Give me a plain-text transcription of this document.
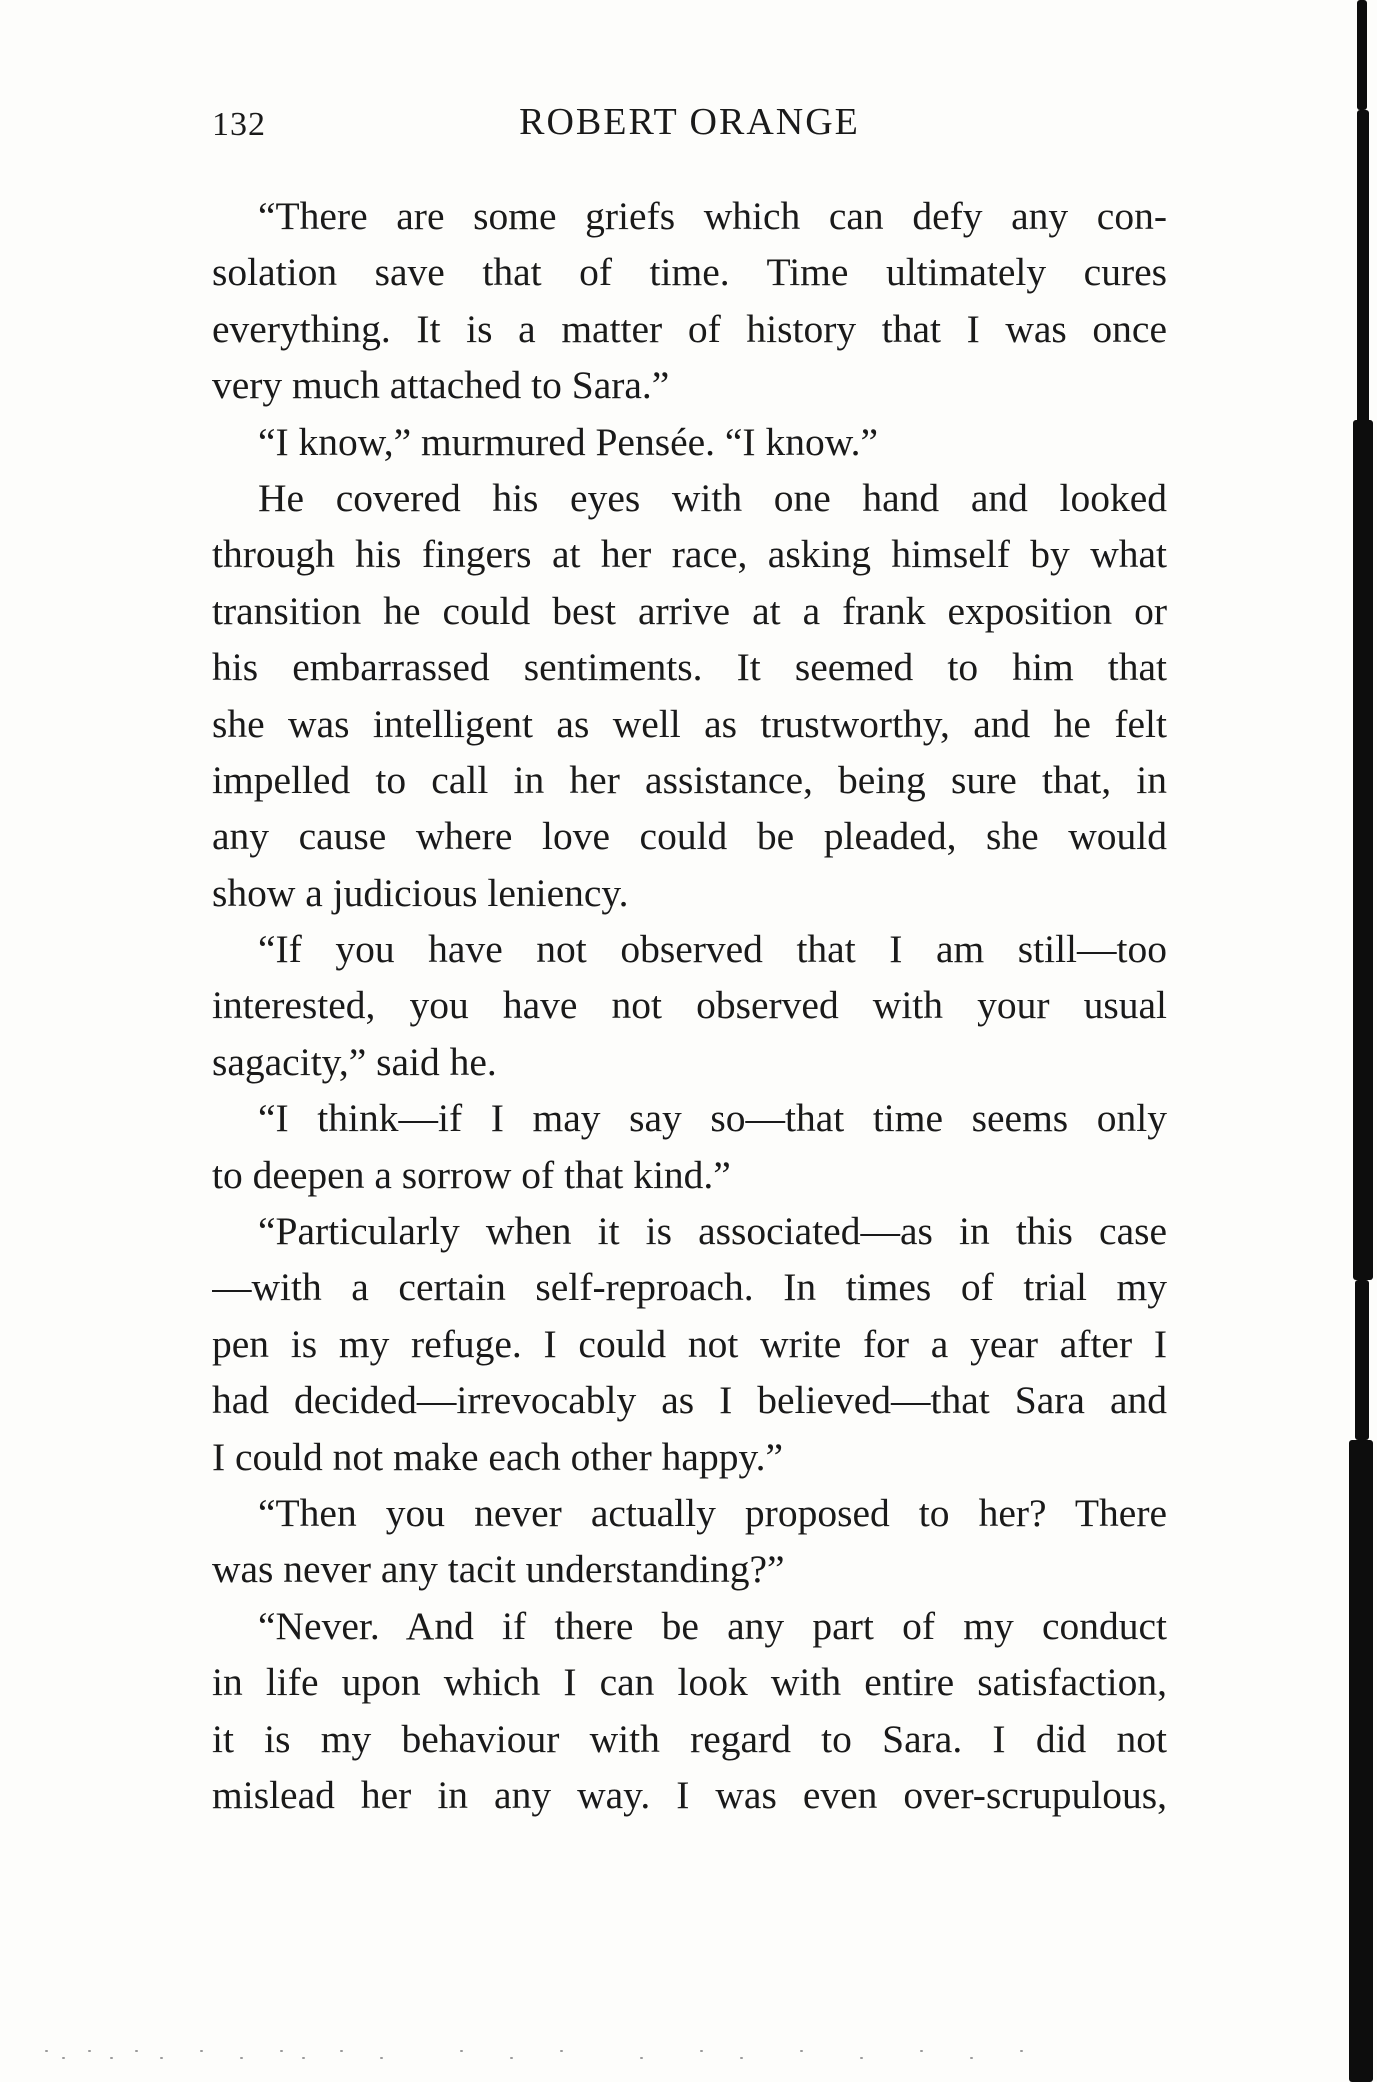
132	ROBERT ORANGE
“There are some griefs which can defy any con-
solation save that of time. Time ultimately cures
everything. It is a matter of history that I was once
very much attached to Sara.”
“I know,” murmured Pensée. “I know.”
He covered his eyes with one hand and looked
through his fingers at her race, asking himself by what
transition he could best arrive at a frank exposition or
his embarrassed sentiments. It seemed to him that
she was intelligent as well as trustworthy, and he felt
impelled to call in her assistance, being sure that, in
any cause where love could be pleaded, she would
show a judicious leniency.
“If you have not observed that I am still—too
interested, you have not observed with your usual
sagacity,” said he.
“I think—if I may say so—that time seems only
to deepen a sorrow of that kind.”
“Particularly when it is associated—as in this case
—with a certain self-reproach. In times of trial my
pen is my refuge. I could not write for a year after I
had decided—irrevocably as I believed—that Sara and
I could not make each other happy.”
“Then you never actually proposed to her? There
was never any tacit understanding?”
“Never. And if there be any part of my conduct
in life upon which I can look with entire satisfaction,
it is my behaviour with regard to Sara. I did not
mislead her in any way. I was even over-scrupulous,
